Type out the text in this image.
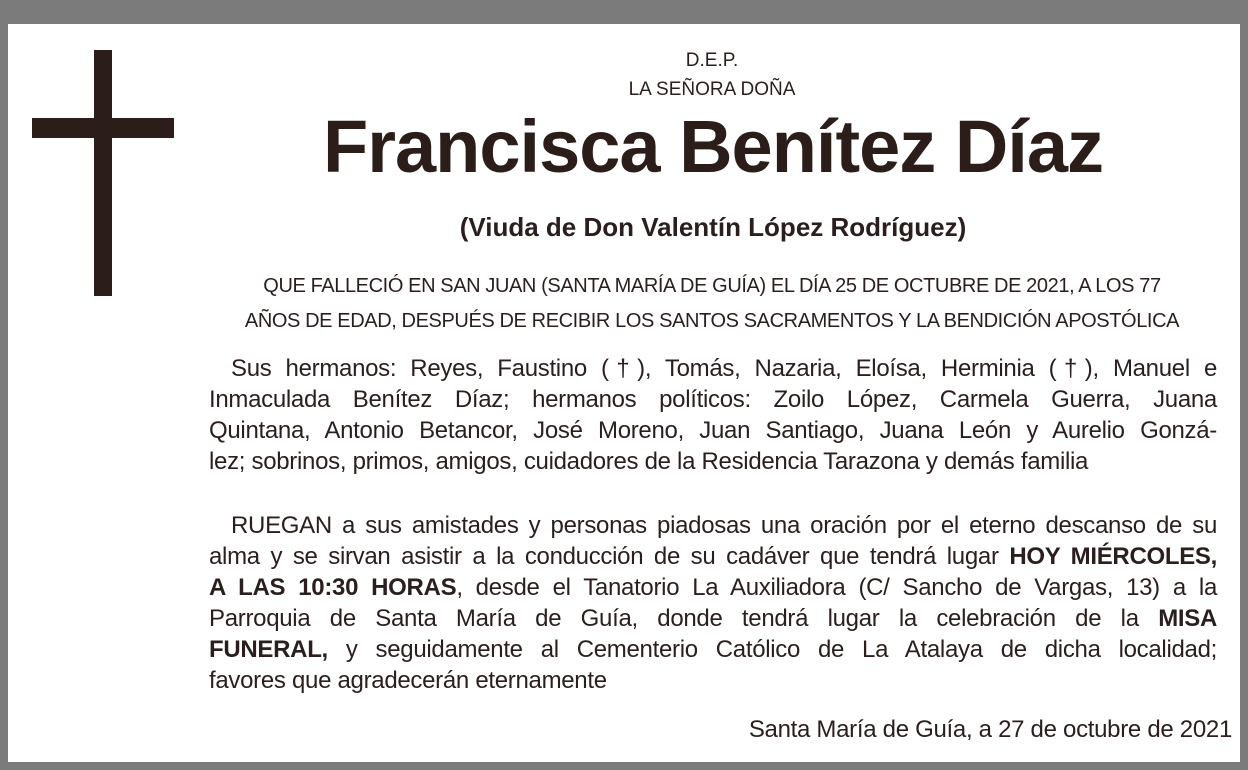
D.E.P.
LA SEÑORA DOÑA
Francisca Benítez Díaz
(Viuda de Don Valentín López Rodríguez)
QUE FALLECIÓ EN SAN JUAN (SANTA MARÍA DE GUÍA) EL DÍA 25 DE OCTUBRE DE 2021, A LOS 77
AÑOS DE EDAD, DESPUÉS DE RECIBIR LOS SANTOS SACRAMENTOS Y LA BENDICIÓN APOSTÓLICA
Sus hermanos: Reyes, Faustino (†), Tomás, Nazaria, Eloísa, Herminia (†), Manuel e
Inmaculada Benítez Díaz; hermanos políticos: Zoilo López, Carmela Guerra, Juana
Quintana, Antonio Betancor, José Moreno, Juan Santiago, Juana León y Aurelio Gonzá-
lez; sobrinos, primos, amigos, cuidadores de la Residencia Tarazona y demás familia
RUEGAN a sus amistades y personas piadosas una oración por el eterno descanso de su
alma y se sirvan asistir a la conducción de su cadáver que tendrá lugar HOY MIÉRCOLES,
A LAS 10:30 HORAS, desde el Tanatorio La Auxiliadora (C/ Sancho de Vargas, 13) a la
Parroquia de Santa María de Guía, donde tendrá lugar la celebración de la MISA
FUNERAL, y seguidamente al Cementerio Católico de La Atalaya de dicha localidad;
favores que agradecerán eternamente
Santa María de Guía, a 27 de octubre de 2021
